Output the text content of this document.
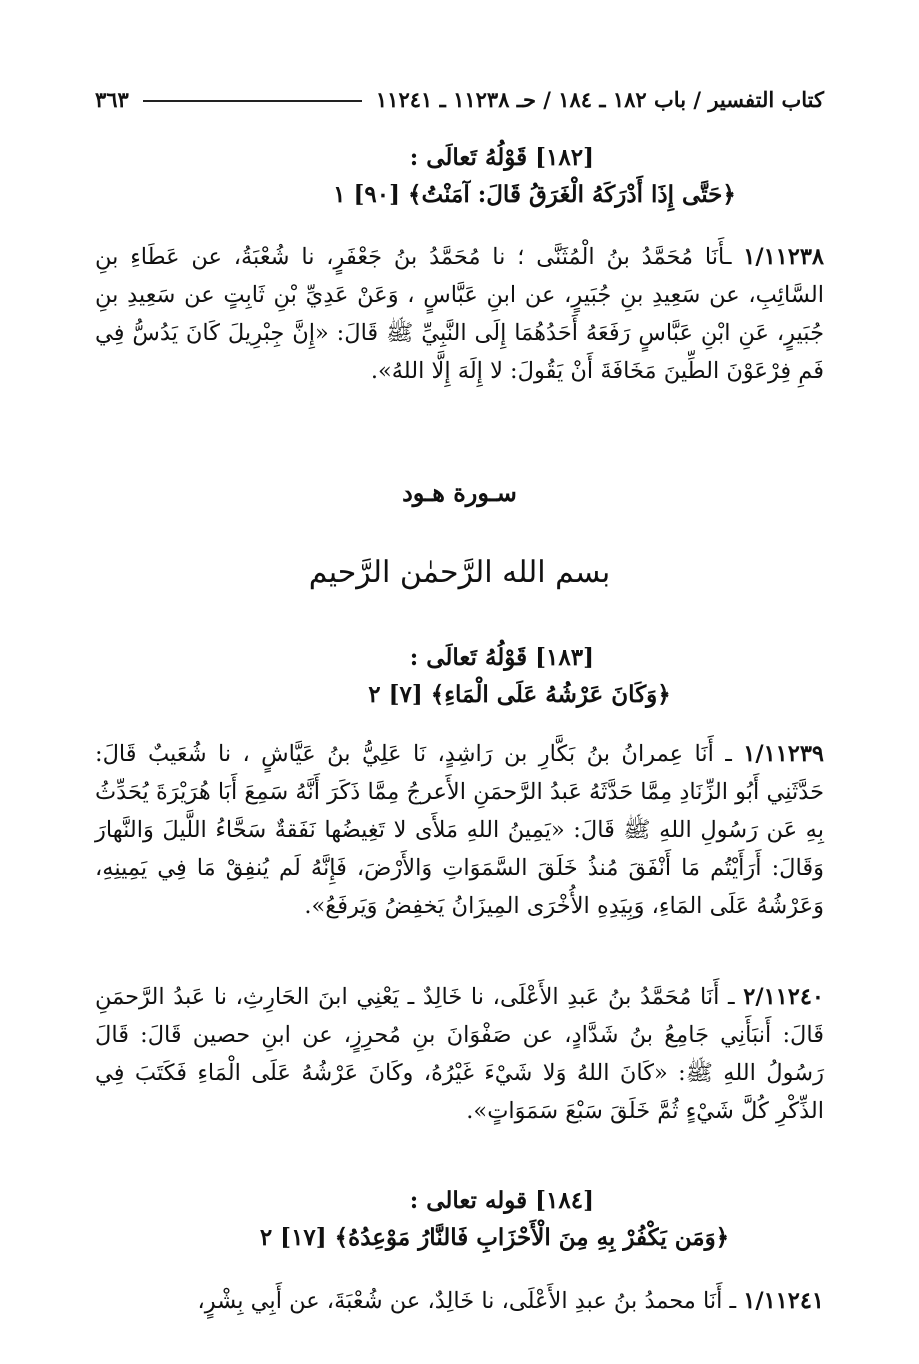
كتاب التفسير / باب ١٨٢ ـ ١٨٤ / حـ ١١٢٣٨ ـ ١١٢٤١
٣٦٣
[١٨٢] قَوْلُهُ تَعالَى :
﴿حَتَّى إِذَا أَدْرَكَهُ الْغَرَقُ قَالَ: آمَنْتُ﴾ [٩٠] ١
١/١١٢٣٨ ـأَنَا مُحَمَّدُ بنُ الْمُثَنَّى ؛ نا مُحَمَّدُ بنُ جَعْفَرٍ، نا شُعْبَةُ، عن عَطَاءِ بنِ السَّائِبِ، عن سَعِيدِ بنِ جُبَيرٍ، عن ابنِ عَبَّاسٍ ، وَعَنْ عَدِيِّ بْنِ ثَابِتٍ عن سَعِيدِ بنِ جُبَيرٍ، عَنِ ابْنِ عَبَّاسٍ رَفَعَهُ أَحَدُهُمَا إِلَى النَّبِيِّ ﷺ قَالَ: «إِنَّ جِبْرِيلَ كَانَ يَدُسُّ فِي فَمِ فِرْعَوْنَ الطِّينَ مَخَافَةَ أَنْ يَقُولَ: لا إِلَهَ إِلَّا اللهُ».
سـورة هـود
بسم الله الرَّحمٰن الرَّحيم
[١٨٣] قَوْلُهُ تَعالَى :
﴿وَكَانَ عَرْشُهُ عَلَى الْمَاءِ﴾ [٧] ٢
١/١١٢٣٩ ـ أَنَا عِمرانُ بنُ بَكَّارِ بن رَاشِدٍ، نَا عَلِيُّ بنُ عَيَّاشٍ ، نا شُعَيبٌ قَالَ: حَدَّثَنِي أَبُو الزِّنَادِ مِمَّا حَدَّثَهُ عَبدُ الرَّحمَنِ الأَعرجُ مِمَّا ذَكَرَ أَنَّهُ سَمِعَ أَبَا هُرَيْرَةَ يُحَدِّثُ بِهِ عَن رَسُولِ اللهِ ﷺ قَالَ: «يَمِينُ اللهِ مَلأَى لا تَغِيضُها نَفَقةٌ سَحَّاءُ اللَّيلَ وَالنَّهارَ وَقَالَ: أَرَأَيْتُم مَا أَنْفَقَ مُنذُ خَلَقَ السَّمَوَاتِ وَالأَرْضَ، فَإِنَّهُ لَم يُنفِقْ مَا فِي يَمِينِهِ، وَعَرْشُهُ عَلَى المَاءِ، وَبِيَدِهِ الأُخْرَى المِيزَانُ يَخفِضُ وَيَرفَعُ».
٢/١١٢٤٠ ـ أَنَا مُحَمَّدُ بنُ عَبدِ الأَعْلَى، نا خَالِدٌ ـ يَعْنِي ابنَ الحَارِثِ، نا عَبدُ الرَّحمَنِ قَالَ: أَنبَأَنِي جَامِعُ بنُ شَدَّادٍ، عن صَفْوَانَ بنِ مُحرِزٍ، عن ابنِ حصين قَالَ: قَالَ رَسُولُ اللهِ ﷺ: «كَانَ اللهُ وَلا شَيْءَ غَيْرُهُ، وكَانَ عَرْشُهُ عَلَى الْمَاءِ فَكَتَبَ فِي الذِّكْرِ كُلَّ شَيْءٍ ثُمَّ خَلَقَ سَبْعَ سَمَوَاتٍ».
[١٨٤] قوله تعالى :
﴿وَمَن يَكْفُرْ بِهِ مِنَ الْأَحْزَابِ فَالنَّارُ مَوْعِدُهُ﴾ [١٧] ٢
١/١١٢٤١ ـ أَنَا محمدُ بنُ عبدِ الأَعْلَى، نا خَالِدٌ، عن شُعْبَةَ، عن أَبِي بِشْرٍ،
